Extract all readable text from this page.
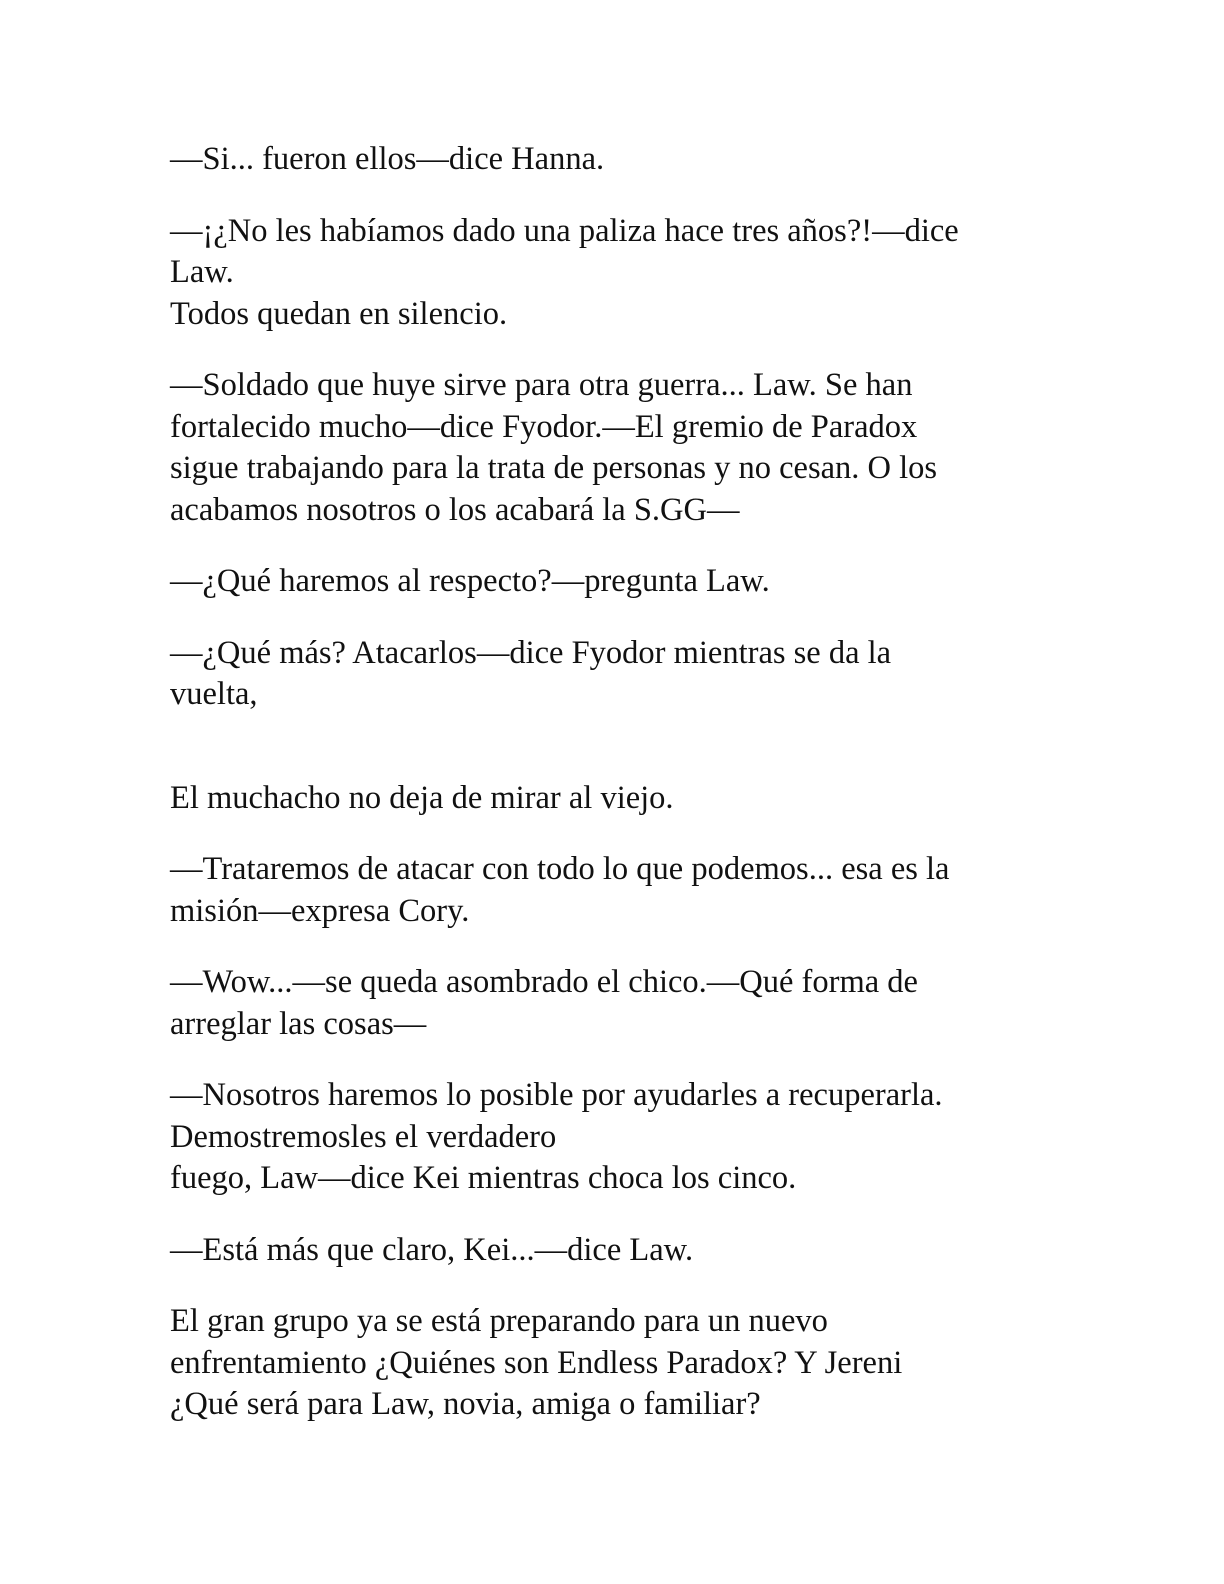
—Si... fueron ellos—dice Hanna.

—¡¿No les habíamos dado una paliza hace tres años?!—dice
Law.
Todos quedan en silencio.

—Soldado que huye sirve para otra guerra... Law. Se han
fortalecido mucho—dice Fyodor.—El gremio de Paradox
sigue trabajando para la trata de personas y no cesan. O los
acabamos nosotros o los acabará la S.GG—

—¿Qué haremos al respecto?—pregunta Law.

—¿Qué más? Atacarlos—dice Fyodor mientras se da la
vuelta,

El muchacho no deja de mirar al viejo.

—Trataremos de atacar con todo lo que podemos... esa es la
misión—expresa Cory.

—Wow...—se queda asombrado el chico.—Qué forma de
arreglar las cosas—

—Nosotros haremos lo posible por ayudarles a recuperarla.
Demostremosles el verdadero
fuego, Law—dice Kei mientras choca los cinco.

—Está más que claro, Kei...—dice Law.

El gran grupo ya se está preparando para un nuevo
enfrentamiento ¿Quiénes son Endless Paradox? Y Jereni
¿Qué será para Law, novia, amiga o familiar?
